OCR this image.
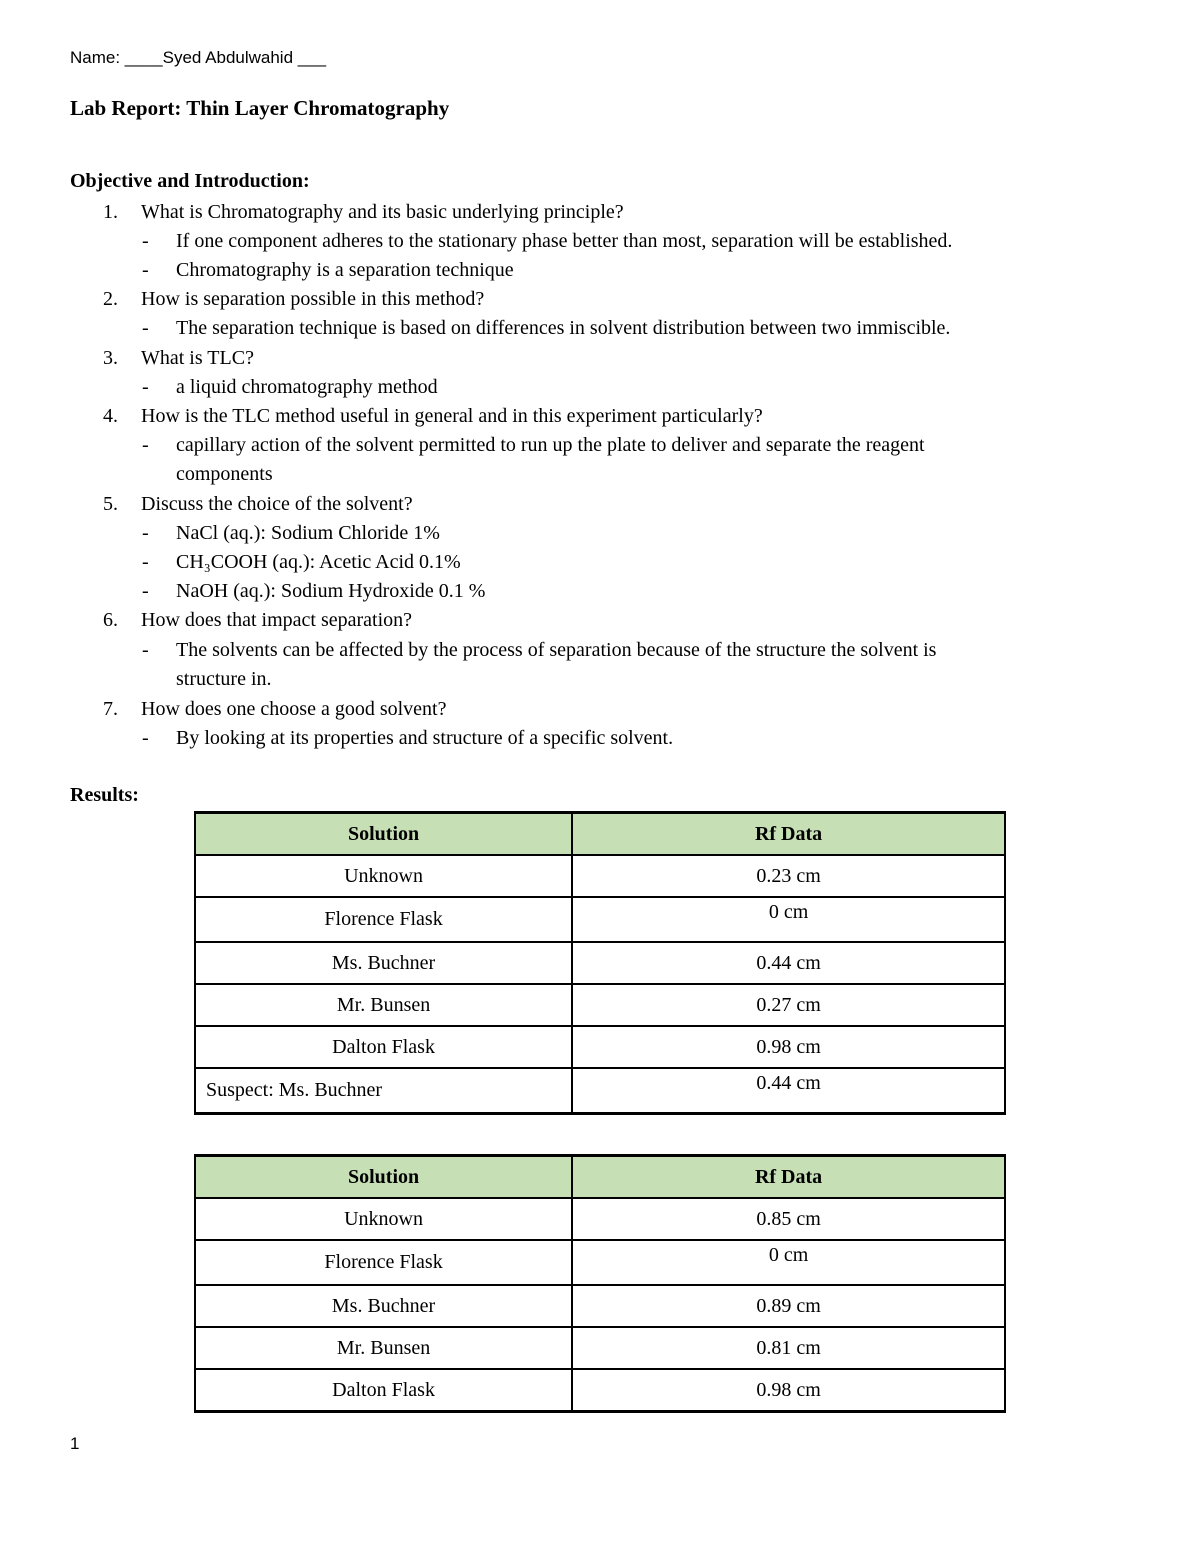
Name: ____Syed Abdulwahid ___
Lab Report: Thin Layer Chromatography
Objective and Introduction:
1.	What is Chromatography and its basic underlying principle?
- If one component adheres to the stationary phase better than most, separation will be established.
- Chromatography is a separation technique
2.	How is separation possible in this method?
- The separation technique is based on differences in solvent distribution between two immiscible.
3.	What is TLC?
- a liquid chromatography method
4.	How is the TLC method useful in general and in this experiment particularly?
- capillary action of the solvent permitted to run up the plate to deliver and separate the reagent
components
5.	Discuss the choice of the solvent?
- NaCl (aq.): Sodium Chloride 1%
- CH₃COOH (aq.): Acetic Acid 0.1%
- NaOH (aq.): Sodium Hydroxide 0.1 %
6.	How does that impact separation?
- The solvents can be affected by the process of separation because of the structure the solvent is
structure in.
7.	How does one choose a good solvent?
- By looking at its properties and structure of a specific solvent.
Results:
Solution	Rf Data
Unknown	0.23 cm
Florence Flask	0 cm
Ms. Buchner	0.44 cm
Mr. Bunsen	0.27 cm
Dalton Flask	0.98 cm
Suspect: Ms. Buchner	0.44 cm
Solution	Rf Data
Unknown	0.85 cm
Florence Flask	0 cm
Ms. Buchner	0.89 cm
Mr. Bunsen	0.81 cm
Dalton Flask	0.98 cm
1
